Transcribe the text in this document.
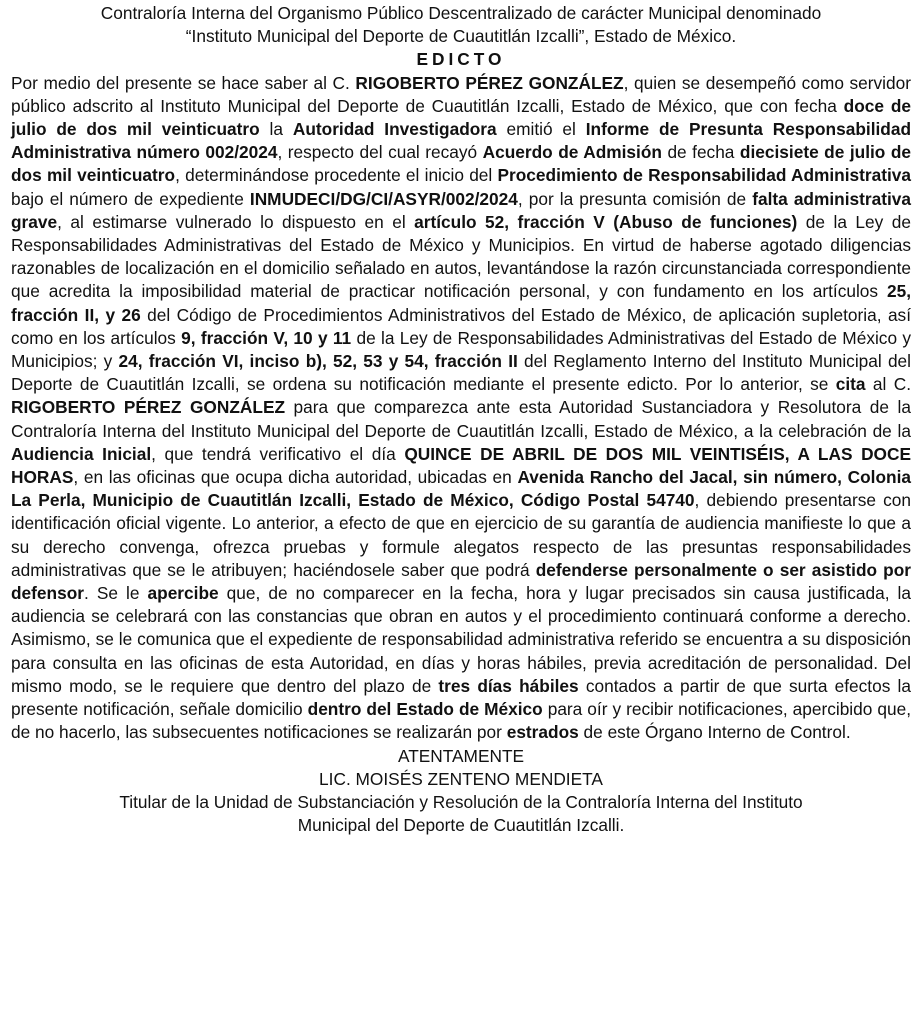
Contraloría Interna del Organismo Público Descentralizado de carácter Municipal denominado

“Instituto Municipal del Deporte de Cuautitlán Izcalli”, Estado de México.

EDICTO

Por medio del presente se hace saber al C. RIGOBERTO PÉREZ GONZÁLEZ, quien se desempeñó como servidor público adscrito al Instituto Municipal del Deporte de Cuautitlán Izcalli, Estado de México, que con fecha doce de julio de dos mil veinticuatro la Autoridad Investigadora emitió el Informe de Presunta Responsabilidad Administrativa número 002/2024, respecto del cual recayó Acuerdo de Admisión de fecha diecisiete de julio de dos mil veinticuatro, determinándose procedente el inicio del Procedimiento de Responsabilidad Administrativa bajo el número de expediente INMUDECI/DG/CI/ASYR/002/2024, por la presunta comisión de falta administrativa grave, al estimarse vulnerado lo dispuesto en el artículo 52, fracción V (Abuso de funciones) de la Ley de Responsabilidades Administrativas del Estado de México y Municipios. En virtud de haberse agotado diligencias razonables de localización en el domicilio señalado en autos, levantándose la razón circunstanciada correspondiente que acredita la imposibilidad material de practicar notificación personal, y con fundamento en los artículos 25, fracción II, y 26 del Código de Procedimientos Administrativos del Estado de México, de aplicación supletoria, así como en los artículos 9, fracción V, 10 y 11 de la Ley de Responsabilidades Administrativas del Estado de México y Municipios; y 24, fracción VI, inciso b), 52, 53 y 54, fracción II del Reglamento Interno del Instituto Municipal del Deporte de Cuautitlán Izcalli, se ordena su notificación mediante el presente edicto. Por lo anterior, se cita al C. RIGOBERTO PÉREZ GONZÁLEZ para que comparezca ante esta Autoridad Sustanciadora y Resolutora de la Contraloría Interna del Instituto Municipal del Deporte de Cuautitlán Izcalli, Estado de México, a la celebración de la Audiencia Inicial, que tendrá verificativo el día QUINCE DE ABRIL DE DOS MIL VEINTISÉIS, A LAS DOCE HORAS, en las oficinas que ocupa dicha autoridad, ubicadas en Avenida Rancho del Jacal, sin número, Colonia La Perla, Municipio de Cuautitlán Izcalli, Estado de México, Código Postal 54740, debiendo presentarse con identificación oficial vigente. Lo anterior, a efecto de que en ejercicio de su garantía de audiencia manifieste lo que a su derecho convenga, ofrezca pruebas y formule alegatos respecto de las presuntas responsabilidades administrativas que se le atribuyen; haciéndosele saber que podrá defenderse personalmente o ser asistido por defensor. Se le apercibe que, de no comparecer en la fecha, hora y lugar precisados sin causa justificada, la audiencia se celebrará con las constancias que obran en autos y el procedimiento continuará conforme a derecho. Asimismo, se le comunica que el expediente de responsabilidad administrativa referido se encuentra a su disposición para consulta en las oficinas de esta Autoridad, en días y horas hábiles, previa acreditación de personalidad. Del mismo modo, se le requiere que dentro del plazo de tres días hábiles contados a partir de que surta efectos la presente notificación, señale domicilio dentro del Estado de México para oír y recibir notificaciones, apercibido que, de no hacerlo, las subsecuentes notificaciones se realizarán por estrados de este Órgano Interno de Control.

ATENTAMENTE

LIC. MOISÉS ZENTENO MENDIETA

Titular de la Unidad de Substanciación y Resolución de la Contraloría Interna del Instituto

Municipal del Deporte de Cuautitlán Izcalli.
